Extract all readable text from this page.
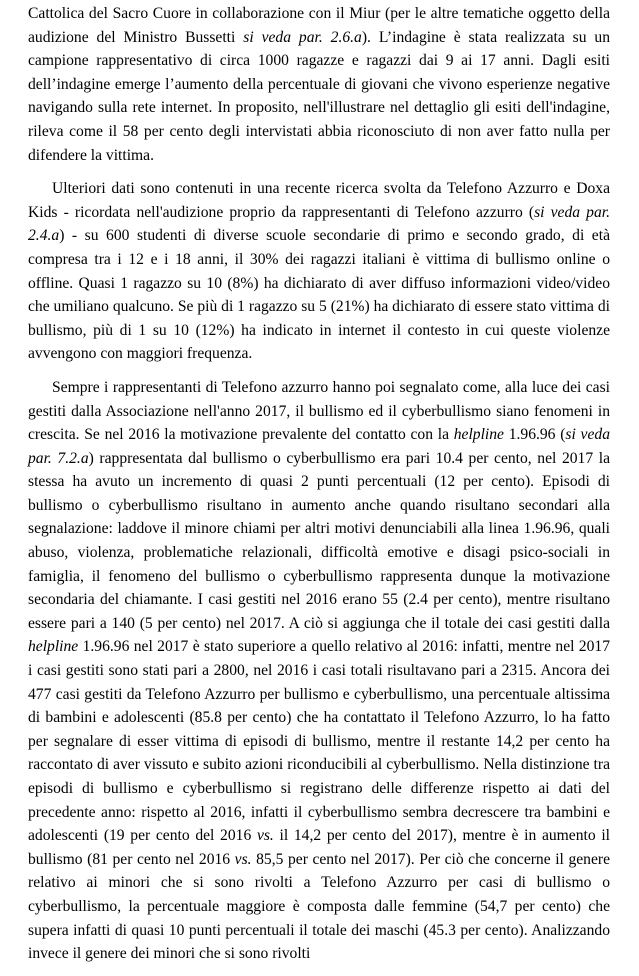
Cattolica del Sacro Cuore in collaborazione con il Miur (per le altre tematiche oggetto della audizione del Ministro Bussetti si veda par. 2.6.a). L’indagine è stata realizzata su un campione rappresentativo di circa 1000 ragazze e ragazzi dai 9 ai 17 anni. Dagli esiti dell’indagine emerge l’aumento della percentuale di giovani che vivono esperienze negative navigando sulla rete internet. In proposito, nell'illustrare nel dettaglio gli esiti dell'indagine, rileva come il 58 per cento degli intervistati abbia riconosciuto di non aver fatto nulla per difendere la vittima.

Ulteriori dati sono contenuti in una recente ricerca svolta da Telefono Azzurro e Doxa Kids - ricordata nell'audizione proprio da rappresentanti di Telefono azzurro (si veda par. 2.4.a) - su 600 studenti di diverse scuole secondarie di primo e secondo grado, di età compresa tra i 12 e i 18 anni, il 30% dei ragazzi italiani è vittima di bullismo online o offline. Quasi 1 ragazzo su 10 (8%) ha dichiarato di aver diffuso informazioni video/video che umiliano qualcuno. Se più di 1 ragazzo su 5 (21%) ha dichiarato di essere stato vittima di bullismo, più di 1 su 10 (12%) ha indicato in internet il contesto in cui queste violenze avvengono con maggiori frequenza.

Sempre i rappresentanti di Telefono azzurro hanno poi segnalato come, alla luce dei casi gestiti dalla Associazione nell'anno 2017, il bullismo ed il cyberbullismo siano fenomeni in crescita. Se nel 2016 la motivazione prevalente del contatto con la helpline 1.96.96 (si veda par. 7.2.a) rappresentata dal bullismo o cyberbullismo era pari 10.4 per cento, nel 2017 la stessa ha avuto un incremento di quasi 2 punti percentuali (12 per cento). Episodi di bullismo o cyberbullismo risultano in aumento anche quando risultano secondari alla segnalazione: laddove il minore chiami per altri motivi denunciabili alla linea 1.96.96, quali abuso, violenza, problematiche relazionali, difficoltà emotive e disagi psico-sociali in famiglia, il fenomeno del bullismo o cyberbullismo rappresenta dunque la motivazione secondaria del chiamante. I casi gestiti nel 2016 erano 55 (2.4 per cento), mentre risultano essere pari a 140 (5 per cento) nel 2017. A ciò si aggiunga che il totale dei casi gestiti dalla helpline 1.96.96 nel 2017 è stato superiore a quello relativo al 2016: infatti, mentre nel 2017 i casi gestiti sono stati pari a 2800, nel 2016 i casi totali risultavano pari a 2315. Ancora dei 477 casi gestiti da Telefono Azzurro per bullismo e cyberbullismo, una percentuale altissima di bambini e adolescenti (85.8 per cento) che ha contattato il Telefono Azzurro, lo ha fatto per segnalare di esser vittima di episodi di bullismo, mentre il restante 14,2 per cento ha raccontato di aver vissuto e subito azioni riconducibili al cyberbullismo. Nella distinzione tra episodi di bullismo e cyberbullismo si registrano delle differenze rispetto ai dati del precedente anno: rispetto al 2016, infatti il cyberbullismo sembra decrescere tra bambini e adolescenti (19 per cento del 2016 vs. il 14,2 per cento del 2017), mentre è in aumento il bullismo (81 per cento nel 2016 vs. 85,5 per cento nel 2017). Per ciò che concerne il genere relativo ai minori che si sono rivolti a Telefono Azzurro per casi di bullismo o cyberbullismo, la percentuale maggiore è composta dalle femmine (54,7 per cento) che supera infatti di quasi 10 punti percentuali il totale dei maschi (45.3 per cento). Analizzando invece il genere dei minori che si sono rivolti
